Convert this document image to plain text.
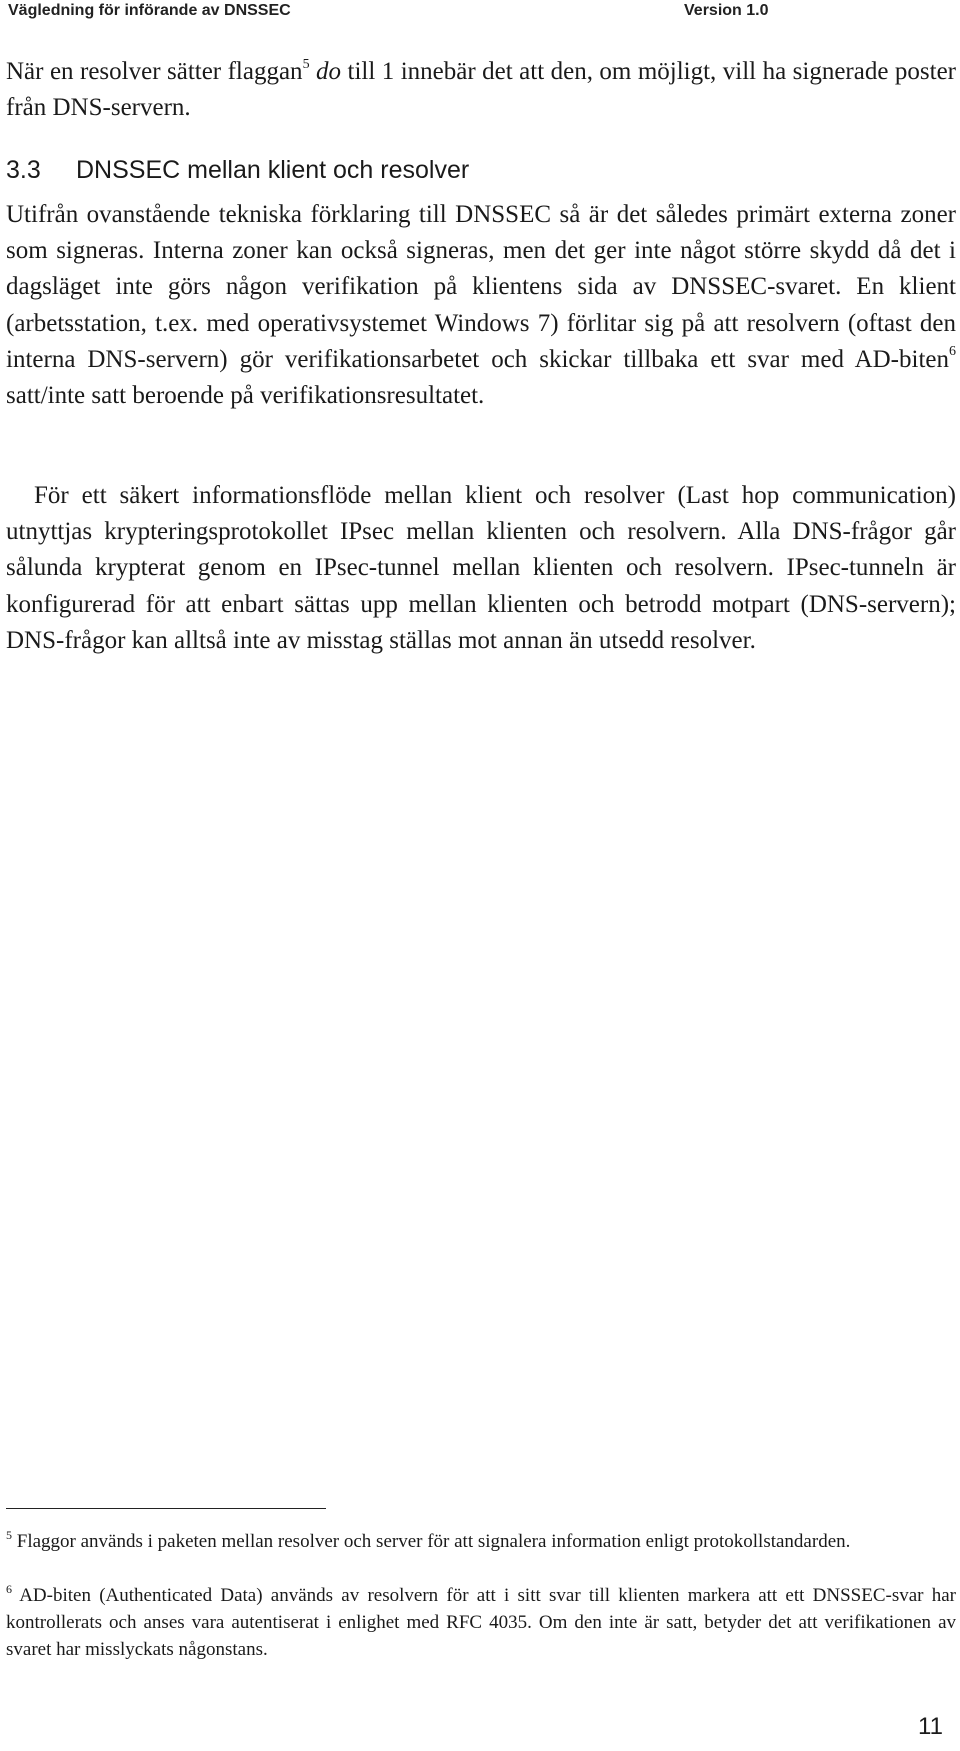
Vägledning för införande av DNSSEC	Version 1.0

När en resolver sätter flaggan$^5$ do till 1 innebär det att den, om möjligt, vill ha signerade poster från DNS-servern.

3.3 DNSSEC mellan klient och resolver

Utifrån ovanstående tekniska förklaring till DNSSEC så är det således primärt externa zoner som signeras. Interna zoner kan också signeras, men det ger inte något större skydd då det i dagsläget inte görs någon verifikation på klientens sida av DNSSEC-svaret. En klient (arbetsstation, t.ex. med operativsystemet Windows 7) förlitar sig på att resolvern (oftast den interna DNS-servern) gör verifikationsarbetet och skickar tillbaka ett svar med AD-biten$^6$ satt/inte satt beroende på verifikationsresultatet.

För ett säkert informationsflöde mellan klient och resolver (Last hop communication) utnyttjas krypteringsprotokollet IPsec mellan klienten och resolvern. Alla DNS-frågor går sålunda krypterat genom en IPsec-tunnel mellan klienten och resolvern. IPsec-tunneln är konfigurerad för att enbart sättas upp mellan klienten och betrodd motpart (DNS-servern); DNS-frågor kan alltså inte av misstag ställas mot annan än utsedd resolver.

$^5$ Flaggor används i paketen mellan resolver och server för att signalera information enligt protokollstandarden.

$^6$ AD-biten (Authenticated Data) används av resolvern för att i sitt svar till klienten markera att ett DNSSEC-svar har kontrollerats och anses vara autentiserat i enlighet med RFC 4035. Om den inte är satt, betyder det att verifikationen av svaret har misslyckats någonstans.

11
